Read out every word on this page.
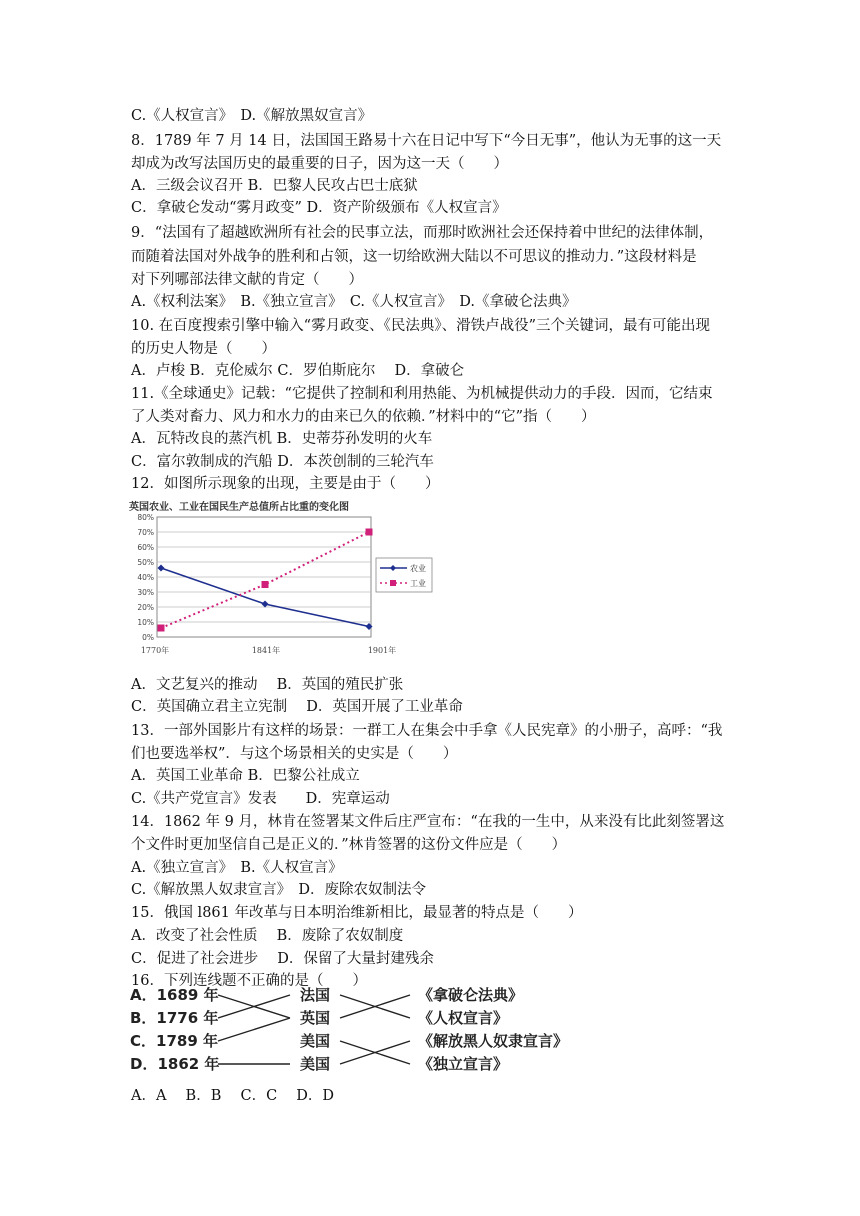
C.《人权宣言》　D.《解放黑奴宣言》
8．1789 年 7 月 14 日，法国国王路易十六在日记中写下“今日无事”，他认为无事的这一天
却成为改写法国历史的最重要的日子，因为这一天（　　）
A．三级会议召开 B．巴黎人民攻占巴士底狱
C．拿破仑发动“雾月政变” D．资产阶级颁布《人权宣言》
9．“法国有了超越欧洲所有社会的民事立法，而那时欧洲社会还保持着中世纪的法律体制，
而随着法国对外战争的胜利和占领，这一切给欧洲大陆以不可思议的推动力．”这段材料是
对下列哪部法律文献的肯定（　　）
A.《权利法案》　B.《独立宣言》　C.《人权宣言》　D.《拿破仑法典》
10. 在百度搜索引擎中输入“雾月政变、《民法典》、滑铁卢战役”三个关键词，最有可能出现
的历史人物是（　　）
A．卢梭 B．克伦威尔 C．罗伯斯庇尔　 D．拿破仑
11.《全球通史》记载：“它提供了控制和利用热能、为机械提供动力的手段．因而，它结束
了人类对畜力、风力和水力的由来已久的依赖．”材料中的“它”指（　　）
A．瓦特改良的蒸汽机 B．史蒂芬孙发明的火车
C．富尔敦制成的汽船 D．本茨创制的三轮汽车
12．如图所示现象的出现，主要是由于（　　）
A．文艺复兴的推动　 B．英国的殖民扩张
C．英国确立君主立宪制　 D．英国开展了工业革命
13．一部外国影片有这样的场景：一群工人在集会中手拿《人民宪章》的小册子，高呼：“我
们也要选举权”．与这个场景相关的史实是（　　）
A．英国工业革命 B．巴黎公社成立
C.《共产党宣言》发表　　D．宪章运动
14．1862 年 9 月，林肯在签署某文件后庄严宣布：“在我的一生中，从来没有比此刻签署这
个文件时更加坚信自己是正义的．”林肯签署的这份文件应是（　　）
A.《独立宣言》　B.《人权宣言》
C.《解放黑人奴隶宣言》　D．废除农奴制法令
15．俄国 l861 年改革与日本明治维新相比，最显著的特点是（　　）
A．改变了社会性质　 B．废除了农奴制度
C．促进了社会进步　 D．保留了大量封建残余
16．下列连线题不正确的是（　　）
A．A　 B．B　 C．C　 D．D
英国农业、工业在国民生产总值所占比重的变化图
80%
70%
60%
50%
40%
30%
20%
10%
0%
1770年	1841年	1901年
农业
工业
A．1689 年
B．1776 年
C．1789 年
D．1862 年
法国
英国
美国
美国
《拿破仑法典》
《人权宣言》
《解放黑人奴隶宣言》
《独立宣言》
